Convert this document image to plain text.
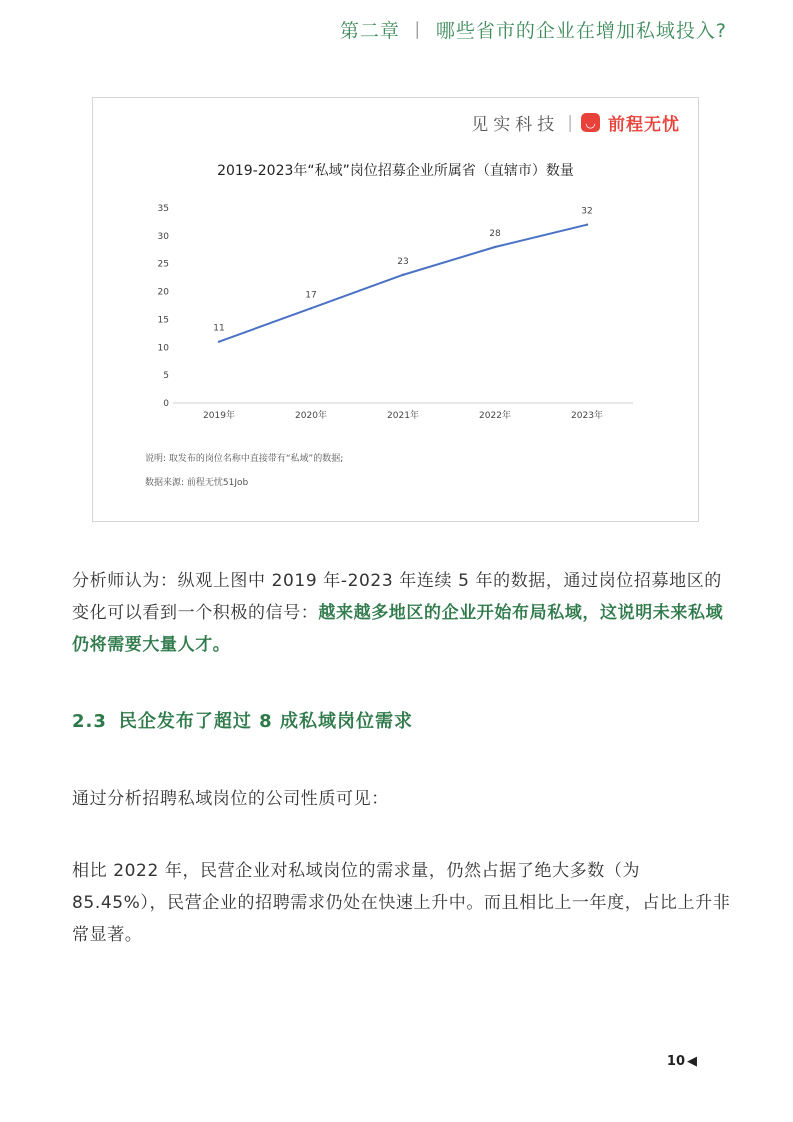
第二章 丨 哪些省市的企业在增加私域投入?
见实科技 |	◡ 前程无忧
2019-2023年“私域”岗位招募企业所属省（直辖市）数量
0
5
10
15
20
25
30
35
2019年	2020年	2021年	2022年	2023年
11
17
23
28
32
说明: 取发布的岗位名称中直接带有“私域”的数据;
数据来源: 前程无忧51Job
分析师认为：纵观上图中 2019 年-2023 年连续 5 年的数据，通过岗位招募地区的变化可以看到一个积极的信号：越来越多地区的企业开始布局私域，这说明未来私域仍将需要大量人才。
2.3 民企发布了超过 8 成私域岗位需求
通过分析招聘私域岗位的公司性质可见：
相比 2022 年，民营企业对私域岗位的需求量，仍然占据了绝大多数（为 85.45%），民营企业的招聘需求仍处在快速上升中。而且相比上一年度，占比上升非常显著。
10 ◀
